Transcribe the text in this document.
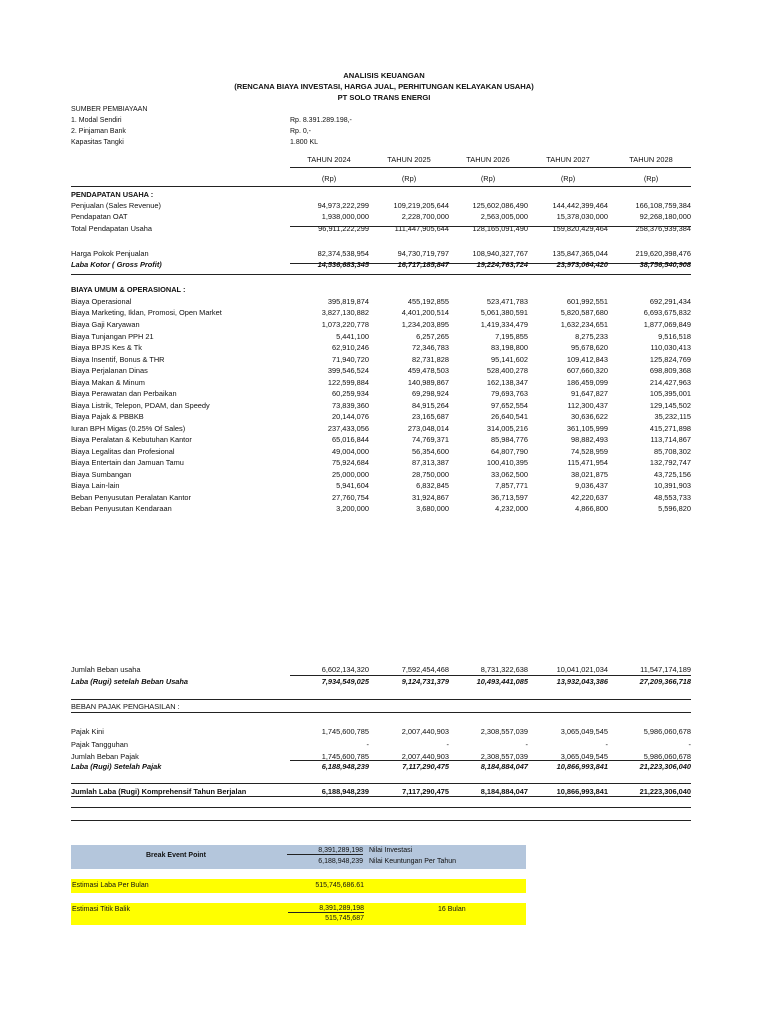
ANALISIS KEUANGAN
(RENCANA BIAYA INVESTASI, HARGA JUAL, PERHITUNGAN KELAYAKAN USAHA)
PT SOLO TRANS ENERGI
SUMBER PEMBIAYAAN
1. Modal Sendiri	Rp. 8.391.289.198,-
2. Pinjaman Bank	Rp. 0,-
Kapasitas Tangki	1.800 KL
TAHUN 2024	TAHUN 2025	TAHUN 2026	TAHUN 2027	TAHUN 2028
(Rp)	(Rp)	(Rp)	(Rp)	(Rp)
PENDAPATAN USAHA :
Penjualan (Sales Revenue)	94,973,222,299	109,219,205,644	125,602,086,490	144,442,399,464	166,108,759,384
Pendapatan OAT	1,938,000,000	2,228,700,000	2,563,005,000	15,378,030,000	92,268,180,000
Total Pendapatan Usaha	96,911,222,299	111,447,905,644	128,165,091,490	159,820,429,464	258,376,939,384
Harga Pokok Penjualan	82,374,538,954	94,730,719,797	108,940,327,767	135,847,365,044	219,620,398,476
Laba Kotor ( Gross Profit)	14,536,683,345	16,717,185,847	19,224,763,724	23,973,064,420	38,756,540,908
BIAYA UMUM & OPERASIONAL :
Biaya Operasional	395,819,874	455,192,855	523,471,783	601,992,551	692,291,434
Biaya Marketing, Iklan, Promosi, Open Market	3,827,130,882	4,401,200,514	5,061,380,591	5,820,587,680	6,693,675,832
Biaya Gaji Karyawan	1,073,220,778	1,234,203,895	1,419,334,479	1,632,234,651	1,877,069,849
Biaya Tunjangan PPH 21	5,441,100	6,257,265	7,195,855	8,275,233	9,516,518
Biaya BPJS Kes & Tk	62,910,246	72,346,783	83,198,800	95,678,620	110,030,413
Biaya Insentif, Bonus & THR	71,940,720	82,731,828	95,141,602	109,412,843	125,824,769
Biaya Perjalanan Dinas	399,546,524	459,478,503	528,400,278	607,660,320	698,809,368
Biaya Makan & Minum	122,599,884	140,989,867	162,138,347	186,459,099	214,427,963
Biaya Perawatan dan Perbaikan	60,259,934	69,298,924	79,693,763	91,647,827	105,395,001
Biaya Listrik, Telepon, PDAM, dan Speedy	73,839,360	84,915,264	97,652,554	112,300,437	129,145,502
Biaya Pajak & PBBKB	20,144,076	23,165,687	26,640,541	30,636,622	35,232,115
Iuran BPH Migas (0.25% Of Sales)	237,433,056	273,048,014	314,005,216	361,105,999	415,271,898
Biaya Peralatan & Kebutuhan Kantor	65,016,844	74,769,371	85,984,776	98,882,493	113,714,867
Biaya Legalitas dan Profesional	49,004,000	56,354,600	64,807,790	74,528,959	85,708,302
Biaya Entertain dan Jamuan Tamu	75,924,684	87,313,387	100,410,395	115,471,954	132,792,747
Biaya Sumbangan	25,000,000	28,750,000	33,062,500	38,021,875	43,725,156
Biaya Lain-lain	5,941,604	6,832,845	7,857,771	9,036,437	10,391,903
Beban Penyusutan Peralatan Kantor	27,760,754	31,924,867	36,713,597	42,220,637	48,553,733
Beban Penyusutan Kendaraan	3,200,000	3,680,000	4,232,000	4,866,800	5,596,820
Jumlah Beban usaha	6,602,134,320	7,592,454,468	8,731,322,638	10,041,021,034	11,547,174,189
Laba (Rugi) setelah Beban Usaha	7,934,549,025	9,124,731,379	10,493,441,085	13,932,043,386	27,209,366,718
BEBAN PAJAK PENGHASILAN :
Pajak Kini	1,745,600,785	2,007,440,903	2,308,557,039	3,065,049,545	5,986,060,678
Pajak Tangguhan	-	-	-	-	-
Jumlah Beban Pajak	1,745,600,785	2,007,440,903	2,308,557,039	3,065,049,545	5,986,060,678
Laba (Rugi) Setelah Pajak	6,188,948,239	7,117,290,475	8,184,884,047	10,866,993,841	21,223,306,040
Jumlah Laba (Rugi) Komprehensif Tahun Berjalan	6,188,948,239	7,117,290,475	8,184,884,047	10,866,993,841	21,223,306,040
Break Event Point
8,391,289,198 Nilai Investasi
6,188,948,239 Nilai Keuntungan Per Tahun
Estimasi Laba Per Bulan	515,745,686.61
Estimasi Titik Balik	8,391,289,198
515,745,687
16 Bulan
